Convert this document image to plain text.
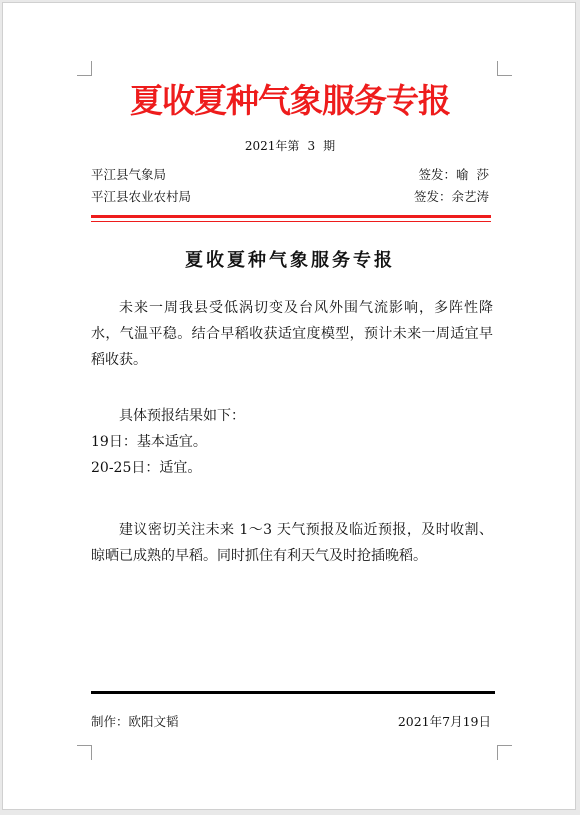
夏收夏种气象服务专报
2021年第 3 期
平江县气象局
平江县农业农村局
签发：喻  莎
签发：余艺涛
夏收夏种气象服务专报
未来一周我县受低涡切变及台风外围气流影响，多阵性降水，气温平稳。结合早稻收获适宜度模型，预计未来一周适宜早稻收获。
具体预报结果如下：
19日：基本适宜。
20-25日：适宜。
建议密切关注未来 1～3 天气预报及临近预报，及时收割、晾晒已成熟的早稻。同时抓住有利天气及时抢插晚稻。
制作：欧阳文韬	2021年7月19日
